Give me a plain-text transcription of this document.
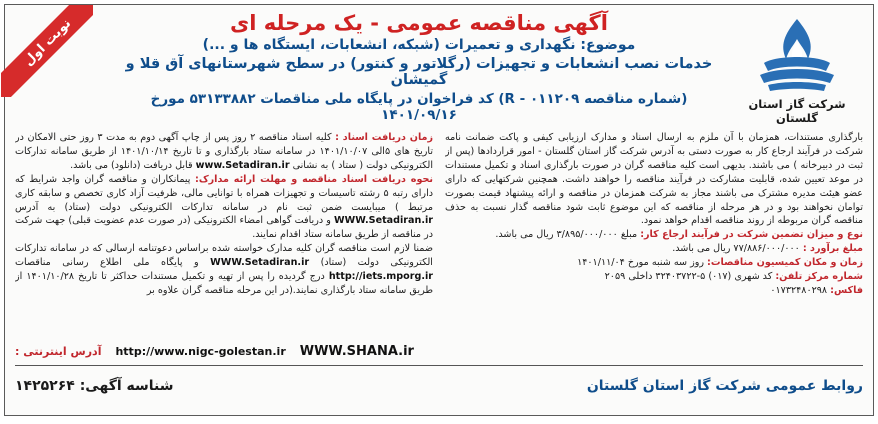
نوبت اول
شرکت گاز استان گلستان
آگهی مناقصه عمومی - یک مرحله ای
موضوع: نگهداری و تعمیرات (شبکه، انشعابات، ایستگاه ها و ...)
خدمات نصب انشعابات و تجهیزات (رگلاتور و کنتور) در سطح شهرستانهای آق قلا و گمیشان
(شماره مناقصه R - ۰۱۱۲۰۹) کد فراخوان در پایگاه ملی مناقصات ۵۳۱۳۳۸۸۲ مورخ ۱۴۰۱/۰۹/۱۶

زمان دریافت اسناد : کلیه اسناد مناقصه ۲ روز پس از چاپ آگهی دوم به مدت ۳ روز حتی الامکان در تاریخ های ۵الی ۱۴۰۱/۱۰/۰۷ در سامانه ستاد بارگذاری و تا تاریخ ۱۴۰۱/۱۰/۱۴ از طریق سامانه تدارکات الکترونیکی دولت ( ستاد ) به نشانی www.Setadiran.ir قابل دریافت (دانلود) می باشد.

نحوه دریافت اسناد مناقصه و مهلت ارائه مدارک: پیمانکاران و مناقصه گران واجد شرایط که دارای رتبه ۵ رشته تاسیسات و تجهیزات همراه با توانایی مالی، ظرفیت آزاد کاری تخصص و سابقه کاری مرتبط ) میبایست ضمن ثبت نام در سامانه تدارکات الکترونیکی دولت (ستاد) به آدرس WWW.Setadiran.ir و دریافت گواهی امضاء الکترونیکی (در صورت عدم عضویت قبلی) جهت شرکت در مناقصه از طریق سامانه ستاد اقدام نمایند.

ضمنا لازم است مناقصه گران کلیه مدارک خواسته شده براساس دعوتنامه ارسالی که در سامانه تدارکات الکترونیکی دولت (ستاد) WWW.Setadiran.ir و پایگاه ملی اطلاع رسانی مناقصات http://iets.mporg.ir درج گردیده را پس از تهیه و تکمیل مستندات حداکثر تا تاریخ ۱۴۰۱/۱۰/۲۸ از طریق سامانه ستاد بارگذاری نمایند.(در این مرحله مناقصه گران علاوه بر

بارگذاری مستندات، همزمان با آن ملزم به ارسال اسناد و مدارک ارزیابی کیفی و پاکت ضمانت نامه شرکت در فرآیند ارجاع کار به صورت دستی به آدرس شرکت گاز استان گلستان - امور قراردادها (پس از ثبت در دبیرخانه ) می باشند. بدیهی است کلیه مناقصه گران در صورت بارگذاری اسناد و تکمیل مستندات در موعد تعیین شده، قابلیت مشارکت در فرآیند مناقصه را خواهند داشت. همچنین شرکتهایی که دارای عضو هیئت مدیره مشترک می باشند مجاز به شرکت همزمان در مناقصه و ارائه پیشنهاد قیمت بصورت توامان نخواهند بود و در هر مرحله از مناقصه که این موضوع ثابت شود مناقصه گذار نسبت به حذف مناقصه گران مربوطه از روند مناقصه اقدام خواهد نمود.

نوع و میزان تضمین شرکت در فرآیند ارجاع کار: مبلغ ۳/۸۹۵/۰۰۰/۰۰۰ ریال می باشد.

مبلغ برآورد : ۷۷/۸۸۶/۰۰۰/۰۰۰ ریال می باشد.

زمان و مکان کمیسیون مناقصات: روز سه شنبه مورخ ۱۴۰۱/۱۱/۰۴

شماره مرکز تلفن: کد شهری (۰۱۷) ۵-۳۲۴۰۳۷۲۲ داخلی ۲۰۵۹

فاکس: ۰۱۷۳۲۴۸۰۲۹۸

آدرس اینترنتی : http://www.nigc-golestan.ir WWW.SHANA.ir
شناسه آگهی: ۱۴۲۵۲۶۴	روابط عمومی شرکت گاز استان گلستان
